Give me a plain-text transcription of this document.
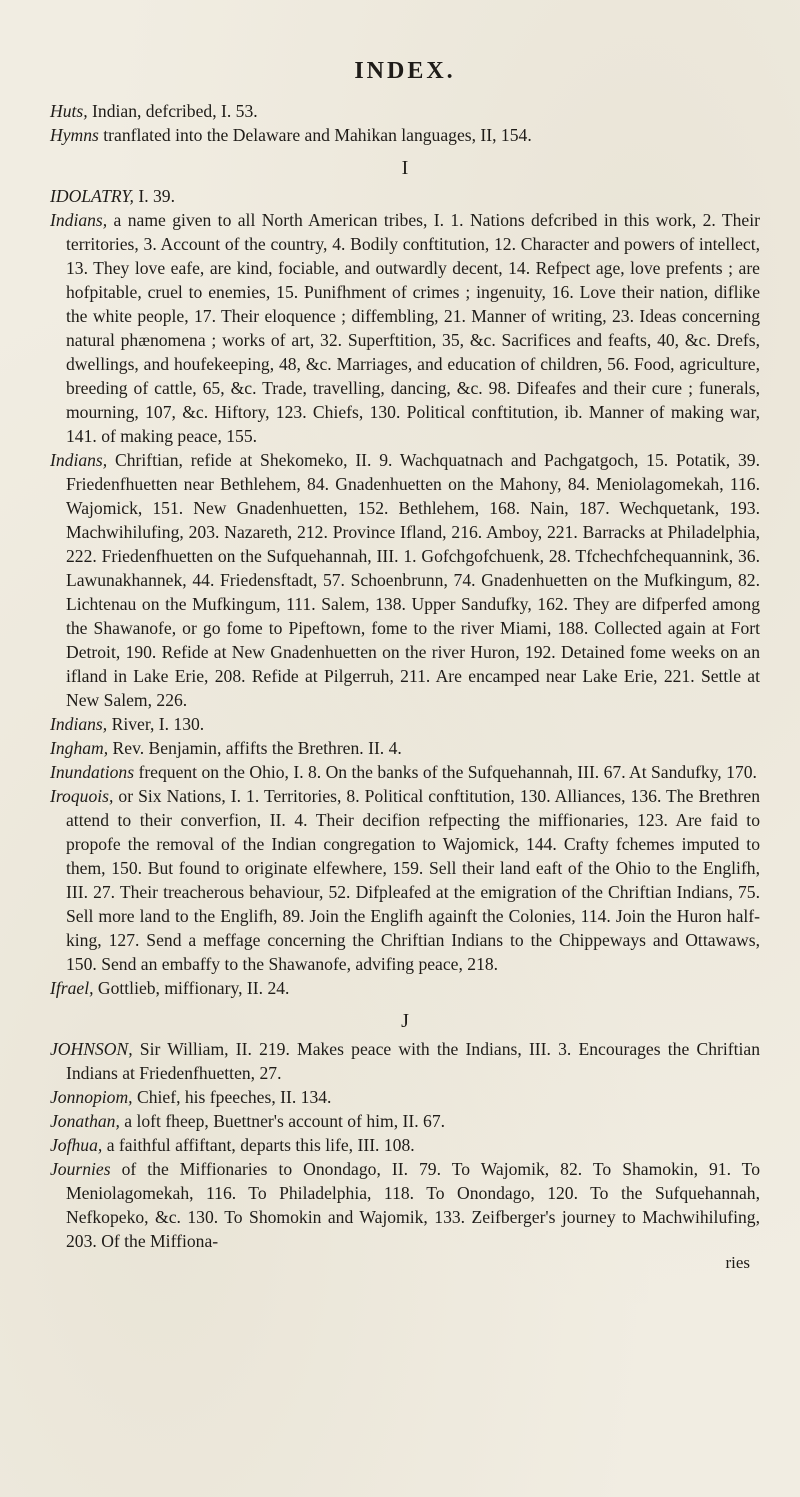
INDEX.

Huts, Indian, defcribed, I. 53.

Hymns tranflated into the Delaware and Mahikan languages, II, 154.

I

IDOLATRY, I. 39.

Indians, a name given to all North American tribes, I. 1. Nations defcribed in this work, 2. Their territories, 3. Account of the country, 4. Bodily conftitution, 12. Character and powers of intellect, 13. They love eafe, are kind, fociable, and outwardly decent, 14. Refpect age, love prefents ; are hofpitable, cruel to enemies, 15. Punifhment of crimes ; ingenuity, 16. Love their nation, diflike the white people, 17. Their eloquence ; diffembling, 21. Manner of writing, 23. Ideas concerning natural phænomena ; works of art, 32. Superftition, 35, &c. Sacrifices and feafts, 40, &c. Drefs, dwellings, and houfekeeping, 48, &c. Marriages, and education of children, 56. Food, agriculture, breeding of cattle, 65, &c. Trade, travelling, dancing, &c. 98. Difeafes and their cure ; funerals, mourning, 107, &c. Hiftory, 123. Chiefs, 130. Political conftitution, ib. Manner of making war, 141. of making peace, 155.

Indians, Chriftian, refide at Shekomeko, II. 9. Wachquatnach and Pachgatgoch, 15. Potatik, 39. Friedenfhuetten near Bethlehem, 84. Gnadenhuetten on the Mahony, 84. Meniolagomekah, 116. Wajomick, 151. New Gnadenhuetten, 152. Bethlehem, 168. Nain, 187. Wechquetank, 193. Machwihilufing, 203. Nazareth, 212. Province Ifland, 216. Amboy, 221. Barracks at Philadelphia, 222. Friedenfhuetten on the Sufquehannah, III. 1. Gofchgofchuenk, 28. Tfchechfchequannink, 36. Lawunakhannek, 44. Friedensftadt, 57. Schoenbrunn, 74. Gnadenhuetten on the Mufkingum, 82. Lichtenau on the Mufkingum, 111. Salem, 138. Upper Sandufky, 162. They are difperfed among the Shawanofe, or go fome to Pipeftown, fome to the river Miami, 188. Collected again at Fort Detroit, 190. Refide at New Gnadenhuetten on the river Huron, 192. Detained fome weeks on an ifland in Lake Erie, 208. Refide at Pilgerruh, 211. Are encamped near Lake Erie, 221. Settle at New Salem, 226.

Indians, River, I. 130.

Ingham, Rev. Benjamin, affifts the Brethren. II. 4.

Inundations frequent on the Ohio, I. 8. On the banks of the Sufquehannah, III. 67. At Sandufky, 170.

Iroquois, or Six Nations, I. 1. Territories, 8. Political conftitution, 130. Alliances, 136. The Brethren attend to their converfion, II. 4. Their decifion refpecting the miffionaries, 123. Are faid to propofe the removal of the Indian congregation to Wajomick, 144. Crafty fchemes imputed to them, 150. But found to originate elfewhere, 159. Sell their land eaft of the Ohio to the Englifh, III. 27. Their treacherous behaviour, 52. Difpleafed at the emigration of the Chriftian Indians, 75. Sell more land to the Englifh, 89. Join the Englifh againft the Colonies, 114. Join the Huron half-king, 127. Send a meffage concerning the Chriftian Indians to the Chippeways and Ottawaws, 150. Send an embaffy to the Shawanofe, advifing peace, 218.

Ifrael, Gottlieb, miffionary, II. 24.

J

JOHNSON, Sir William, II. 219. Makes peace with the Indians, III. 3. Encourages the Chriftian Indians at Friedenfhuetten, 27.

Jonnopiom, Chief, his fpeeches, II. 134.

Jonathan, a loft fheep, Buettner's account of him, II. 67.

Jofhua, a faithful affiftant, departs this life, III. 108.

Journies of the Miffionaries to Onondago, II. 79. To Wajomik, 82. To Shamokin, 91. To Meniolagomekah, 116. To Philadelphia, 118. To Onondago, 120. To the Sufquehannah, Nefkopeko, &c. 130. To Shomokin and Wajomik, 133. Zeifberger's journey to Machwihilufing, 203. Of the Miffiona-

ries
